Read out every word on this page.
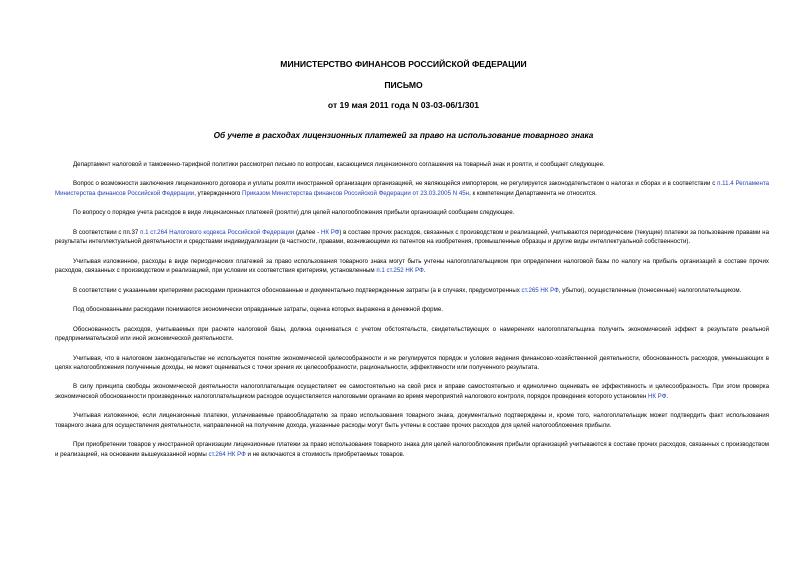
МИНИСТЕРСТВО ФИНАНСОВ РОССИЙСКОЙ ФЕДЕРАЦИИ
ПИСЬМО
от 19 мая 2011 года N 03-03-06/1/301
Об учете в расходах лицензионных платежей за право на использование товарного знака

Департамент налоговой и таможенно-тарифной политики рассмотрел письмо по вопросам, касающимся лицензионного соглашения на товарный знак и роялти, и сообщает следующее.

Вопрос о возможности заключения лицензионного договора и уплаты роялти иностранной организации организацией, не являющейся импортером, не регулируется законодательством о налогах и сборах и в соответствии с п.11.4 Регламента Министерства финансов Российской Федерации, утвержденного Приказом Министерства финансов Российской Федерации от 23.03.2005 N 45н, к компетенции Департамента не относится.

По вопросу о порядке учета расходов в виде лицензионных платежей (роялти) для целей налогообложения прибыли организаций сообщаем следующее.

В соответствии с пп.37 п.1 ст.264 Налогового кодекса Российской Федерации (далее - НК РФ) в составе прочих расходов, связанных с производством и реализацией, учитываются периодические (текущие) платежи за пользование правами на результаты интеллектуальной деятельности и средствами индивидуализации (в частности, правами, возникающими из патентов на изобретения, промышленные образцы и другие виды интеллектуальной собственности).

Учитывая изложенное, расходы в виде периодических платежей за право использования товарного знака могут быть учтены налогоплательщиком при определении налоговой базы по налогу на прибыль организаций в составе прочих расходов, связанных с производством и реализацией, при условии их соответствия критериям, установленным п.1 ст.252 НК РФ.

В соответствии с указанными критериями расходами признаются обоснованные и документально подтвержденные затраты (а в случаях, предусмотренных ст.265 НК РФ, убытки), осуществленные (понесенные) налогоплательщиком.

Под обоснованными расходами понимаются экономически оправданные затраты, оценка которых выражена в денежной форме.

Обоснованность расходов, учитываемых при расчете налоговой базы, должна оцениваться с учетом обстоятельств, свидетельствующих о намерениях налогоплательщика получить экономический эффект в результате реальной предпринимательской или иной экономической деятельности.

Учитывая, что в налоговом законодательстве не используется понятие экономической целесообразности и не регулируется порядок и условия ведения финансово-хозяйственной деятельности, обоснованность расходов, уменьшающих в целях налогообложения полученные доходы, не может оцениваться с точки зрения их целесообразности, рациональности, эффективности или полученного результата.

В силу принципа свободы экономической деятельности налогоплательщик осуществляет ее самостоятельно на свой риск и вправе самостоятельно и единолично оценивать ее эффективность и целесообразность. При этом проверка экономической обоснованности произведенных налогоплательщиком расходов осуществляется налоговыми органами во время мероприятий налогового контроля, порядок проведения которого установлен НК РФ.

Учитывая изложенное, если лицензионные платежи, уплачиваемые правообладателю за право использования товарного знака, документально подтверждены и, кроме того, налогоплательщик может подтвердить факт использования товарного знака для осуществления деятельности, направленной на получение дохода, указанные расходы могут быть учтены в составе прочих расходов для целей налогообложения прибыли.

При приобретении товаров у иностранной организации лицензионные платежи за право использования товарного знака для целей налогообложения прибыли организаций учитываются в составе прочих расходов, связанных с производством и реализацией, на основании вышеуказанной нормы ст.264 НК РФ и не включаются в стоимость приобретаемых товаров.
